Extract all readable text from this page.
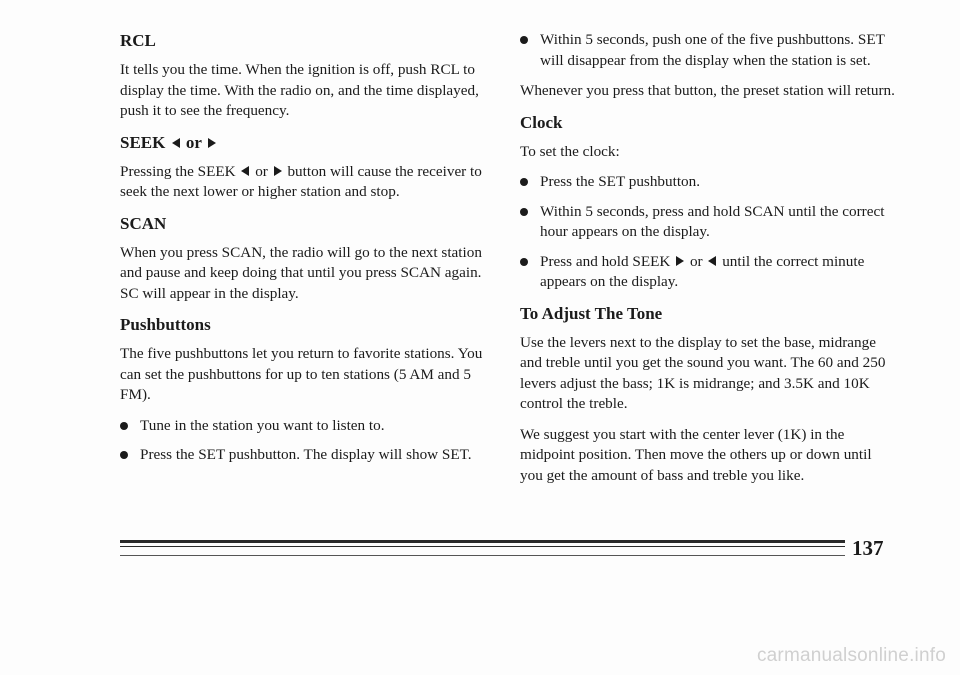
RCL

It tells you the time. When the ignition is off, push RCL to display the time. With the radio on, and the time displayed, push it to see the frequency.

SEEK or

Pressing the SEEK or button will cause the receiver to seek the next lower or higher station and stop.

SCAN

When you press SCAN, the radio will go to the next station and pause and keep doing that until you press SCAN again. SC will appear in the display.

Pushbuttons

The five pushbuttons let you return to favorite stations. You can set the pushbuttons for up to ten stations (5 AM and 5 FM).

Tune in the station you want to listen to.
Press the SET pushbutton. The display will show SET.
Within 5 seconds, push one of the five pushbuttons. SET will disappear from the display when the station is set.

Whenever you press that button, the preset station will return.

Clock

To set the clock:

Press the SET pushbutton.
Within 5 seconds, press and hold SCAN until the correct hour appears on the display.
Press and hold SEEK or until the correct minute appears on the display.
To Adjust The Tone

Use the levers next to the display to set the base, midrange and treble until you get the sound you want. The 60 and 250 levers adjust the bass; 1K is midrange; and 3.5K and 10K control the treble.

We suggest you start with the center lever (1K) in the midpoint position. Then move the others up or down until you get the amount of bass and treble you like.

137
carmanualsonline.info
